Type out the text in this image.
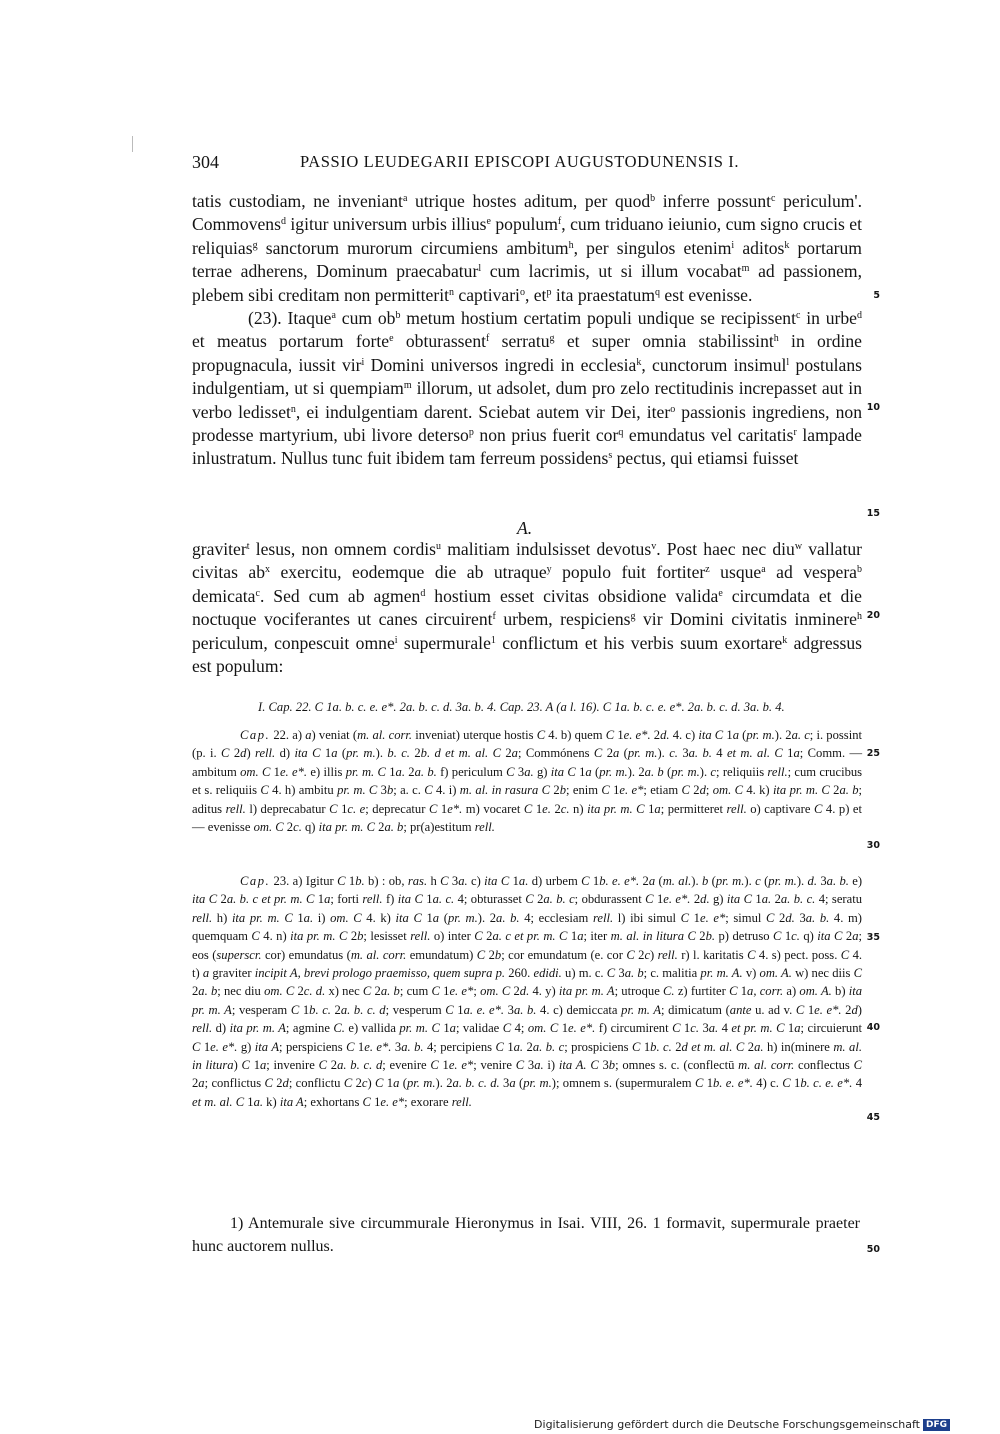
304	PASSIO LEUDEGARII EPISCOPI AUGUSTODUNENSIS I.

tatis custodiam, ne inveniant$^a$ utrique hostes aditum, per quod$^b$ inferre possunt$^c$ periculum'. Commovens$^d$ igitur universum urbis illius$^e$ populum$^f$, cum triduano ieiunio, cum signo crucis et reliquias$^g$ sanctorum murorum circumiens ambitum$^h$, per singulos etenim$^i$ aditos$^k$ portarum terrae adherens, Dominum praecabatur$^l$ cum lacrimis, ut si illum vocabat$^m$ ad passionem, plebem sibi creditam non permitterit$^n$ captivari$^o$, $et^p$ ita praestatum$^q$ est evenisse.

(23). Itaque$^a$ cum $ob^b$ metum hostium certatim populi undique se recipissent$^c$ in urbe$^d$ et meatus portarum forte$^e$ obturassent$^f$ serratu$^g$ et super omnia stabilissint$^h$ in ordine propugnacula, iussit vir$^i$ Domini universos ingredi in ecclesia$^k$, cunctorum insimul$^l$ postulans indulgentiam, ut si quempiam$^m$ illorum, ut adsolet, dum pro zelo rectitudinis increpasset aut in verbo ledisset$^n$, ei indulgentiam darent. Sciebat autem vir Dei, iter$^o$ passionis ingrediens, non prodesse martyrium, ubi livore deterso$^p$ non prius fuerit cor$^q$ emundatus vel caritatis$^r$ lampade inlustratum. Nullus tunc fuit ibidem tam ferreum possidens$^s$ pectus, qui etiamsi fuisset

A.
graviter$^t$ lesus, non omnem cordis$^u$ malitiam indulsisset devotus$^v$. Post haec nec diu$^w$ vallatur civitas $ab^x$ exercitu, eodemque die ab utraque$^y$ populo fuit fortiter$^z$ usque$^a$ ad vespera$^b$ demicata$^c$. Sed cum ab agmen$^d$ hostium esset civitas obsidione valida$^e$ circumdata et die noctuque vociferantes ut canes circuirent$^f$ urbem, respiciens$^g$ vir Domini civitatis inminere$^h$ periculum, conpescuit omne$^i$ supermurale$^1$ conflictum et his verbis suum exortare$^k$ adgressus est populum:
5
10
15
20
25
30
35
40
45
50
I. Cap. 22. C 1a. b. c. e. e*. 2a. b. c. d. 3a. b. 4. Cap. 23. A (a l. 16). C 1a. b. c. e. e*. 2a. b. c. d. 3a. b. 4.

Cap. 22. a) a) veniat (m. al. corr. inveniat) uterque hostis C 4. b) quem C 1e. e*. 2d. 4. c) ita C 1a (pr. m.). 2a. c; i. possint (p. i. C 2d) rell. d) ita C 1a (pr. m.). b. c. 2b. d et m. al. C 2a; Commónens C 2a (pr. m.). c. 3a. b. 4 et m. al. C 1a; Comm. — ambitum om. C 1e. e*. e) illis pr. m. C 1a. 2a. b. f) periculum C 3a. g) ita C 1a (pr. m.). 2a. b (pr. m.). c; reliquiis rell.; cum crucibus et s. reliquiis C 4. h) ambitu pr. m. C 3b; a. c. C 4. i) m. al. in rasura C 2b; enim C 1e. e*; etiam C 2d; om. C 4. k) ita pr. m. C 2a. b; aditus rell. l) deprecabatur C 1c. e; deprecatur C 1e*. m) vocaret C 1e. 2c. n) ita pr. m. C 1a; permitteret rell. o) captivare C 4. p) et — evenisse om. C 2c. q) ita pr. m. C 2a. b; pr(a)estitum rell.

Cap. 23. a) Igitur C 1b. b) : ob, ras. h C 3a. c) ita C 1a. d) urbem C 1b. e. e*. 2a (m. al.). b (pr. m.). c (pr. m.). d. 3a. b. e) ita C 2a. b. c et pr. m. C 1a; forti rell. f) ita C 1a. c. 4; obturasset C 2a. b. c; obdurassent C 1e. e*. 2d. g) ita C 1a. 2a. b. c. 4; seratu rell. h) ita pr. m. C 1a. i) om. C 4. k) ita C 1a (pr. m.). 2a. b. 4; ecclesiam rell. l) ibi simul C 1e. e*; simul C 2d. 3a. b. 4. m) quemquam C 4. n) ita pr. m. C 2b; lesisset rell. o) inter C 2a. c et pr. m. C 1a; iter m. al. in litura C 2b. p) detruso C 1c. q) ita C 2a; eos (superscr. cor) emundatus (m. al. corr. emundatum) C 2b; cor emundatum (e. cor C 2c) rell. r) l. karitatis C 4. s) pect. poss. C 4. t) a graviter incipit A, brevi prologo praemisso, quem supra p. 260. edidi. u) m. c. C 3a. b; c. malitia pr. m. A. v) om. A. w) nec diis C 2a. b; nec diu om. C 2c. d. x) nec C 2a. b; cum C 1e. e*; om. C 2d. 4. y) ita pr. m. A; utroque C. z) furtiter C 1a, corr. a) om. A. b) ita pr. m. A; vesperam C 1b. c. 2a. b. c. d; vesperum C 1a. e. e*. 3a. b. 4. c) demiccata pr. m. A; dimicatum (ante u. ad v. C 1e. e*. 2d) rell. d) ita pr. m. A; agmine C. e) vallida pr. m. C 1a; validae C 4; om. C 1e. e*. f) circumirent C 1c. 3a. 4 et pr. m. C 1a; circuierunt C 1e. e*. g) ita A; perspiciens C 1e. e*. 3a. b. 4; percipiens C 1a. 2a. b. c; prospiciens C 1b. c. 2d et m. al. C 2a. h) in(minere m. al. in litura) C 1a; invenire C 2a. b. c. d; evenire C 1e. e*; venire C 3a. i) ita A. C 3b; omnes s. c. (conflectū m. al. corr. conflectus C 2a; conflictus C 2d; conflictu C 2c) C 1a (pr. m.). 2a. b. c. d. 3a (pr. m.); omnem s. (supermuralem C 1b. e. e*. 4) c. C 1b. c. e. e*. 4 et m. al. C 1a. k) ita A; exhortans C 1e. e*; exorare rell.

1) Antemurale sive circummurale Hieronymus in Isai. VIII, 26. 1 formavit, supermurale praeter hunc auctorem nullus.

Digitalisierung gefördert durch die Deutsche Forschungsgemeinschaft DFG
